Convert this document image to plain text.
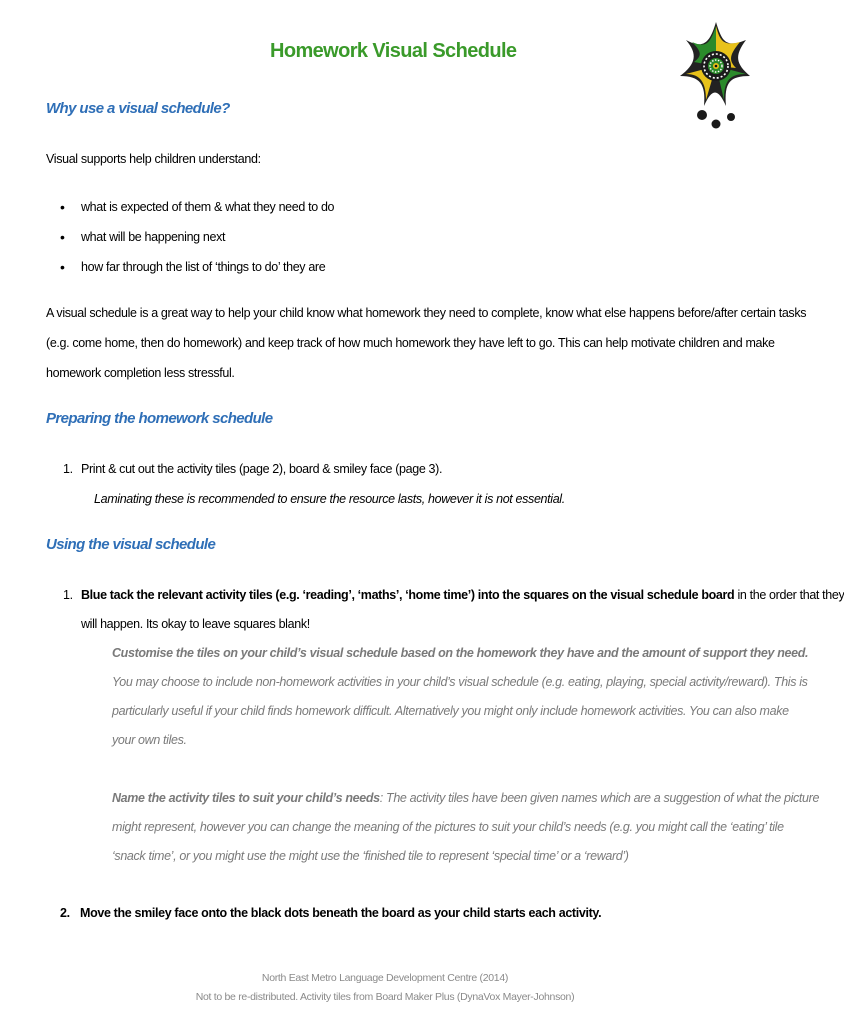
Homework Visual Schedule
Why use a visual schedule?
Visual supports help children understand:
• what is expected of them & what they need to do
• what will be happening next
• how far through the list of ‘things to do’ they are
A visual schedule is a great way to help your child know what homework they need to complete, know what else happens before/after certain tasks
(e.g. come home, then do homework) and keep track of how much homework they have left to go. This can help motivate children and make
homework completion less stressful.
Preparing the homework schedule
1. Print & cut out the activity tiles (page 2), board & smiley face (page 3).
Laminating these is recommended to ensure the resource lasts, however it is not essential.
Using the visual schedule
1. Blue tack the relevant activity tiles (e.g. ‘reading’, ‘maths’, ‘home time’) into the squares on the visual schedule board in the order that they
will happen. Its okay to leave squares blank!
Customise the tiles on your child’s visual schedule based on the homework they have and the amount of support they need.
You may choose to include non-homework activities in your child’s visual schedule (e.g. eating, playing, special activity/reward). This is
particularly useful if your child finds homework difficult. Alternatively you might only include homework activities. You can also make
your own tiles.
Name the activity tiles to suit your child’s needs: The activity tiles have been given names which are a suggestion of what the picture
might represent, however you can change the meaning of the pictures to suit your child’s needs (e.g. you might call the ‘eating’ tile
‘snack time’, or you might use the might use the ‘finished tile to represent ‘special time’ or a ‘reward’)
2. Move the smiley face onto the black dots beneath the board as your child starts each activity.
North East Metro Language Development Centre (2014)
Not to be re-distributed. Activity tiles from Board Maker Plus (DynaVox Mayer-Johnson)
